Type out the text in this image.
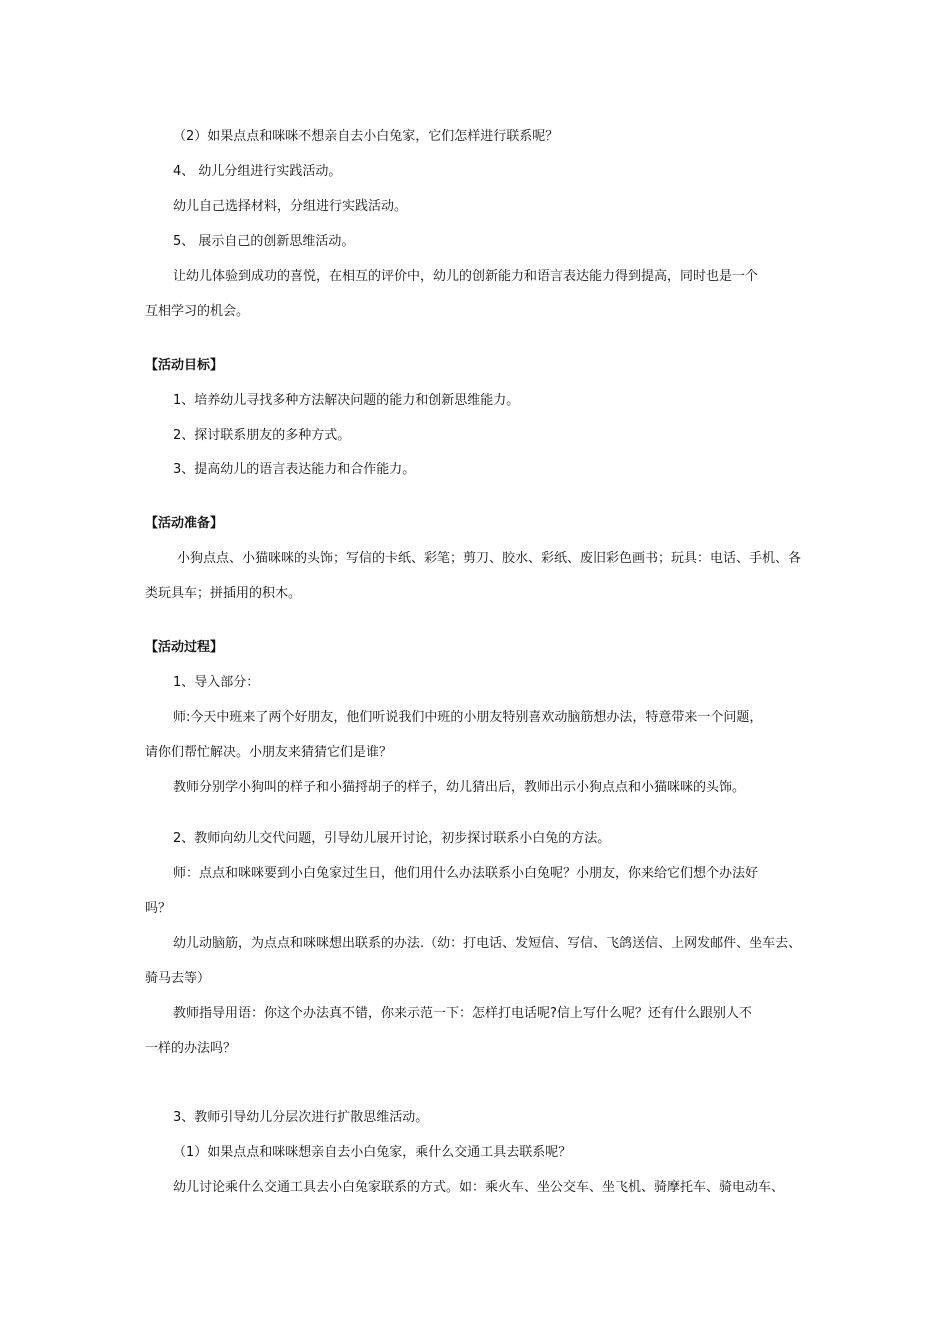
（2）如果点点和咪咪不想亲自去小白兔家，它们怎样进行联系呢？
4、 幼儿分组进行实践活动。
幼儿自己选择材料，分组进行实践活动。
5、 展示自己的创新思维活动。
让幼儿体验到成功的喜悦，在相互的评价中，幼儿的创新能力和语言表达能力得到提高，同时也是一个
互相学习的机会。
【活动目标】
1、培养幼儿寻找多种方法解决问题的能力和创新思维能力。
2、探讨联系朋友的多种方式。
3、提高幼儿的语言表达能力和合作能力。
【活动准备】
小狗点点、小猫咪咪的头饰；写信的卡纸、彩笔；剪刀、胶水、彩纸、废旧彩色画书；玩具：电话、手机、各
类玩具车；拼插用的积木。
【活动过程】
1、导入部分：
师:今天中班来了两个好朋友，他们听说我们中班的小朋友特别喜欢动脑筋想办法，特意带来一个问题，
请你们帮忙解决。小朋友来猜猜它们是谁？
教师分别学小狗叫的样子和小猫捋胡子的样子，幼儿猜出后，教师出示小狗点点和小猫咪咪的头饰。
2、教师向幼儿交代问题，引导幼儿展开讨论，初步探讨联系小白兔的方法。
师：点点和咪咪要到小白兔家过生日，他们用什么办法联系小白兔呢？小朋友，你来给它们想个办法好
吗？
幼儿动脑筋，为点点和咪咪想出联系的办法.（幼：打电话、发短信、写信、飞鸽送信、上网发邮件、坐车去、
骑马去等）
教师指导用语：你这个办法真不错，你来示范一下：怎样打电话呢?信上写什么呢？还有什么跟别人不
一样的办法吗？
3、教师引导幼儿分层次进行扩散思维活动。
（1）如果点点和咪咪想亲自去小白兔家，乘什么交通工具去联系呢？
幼儿讨论乘什么交通工具去小白兔家联系的方式。如：乘火车、坐公交车、坐飞机、骑摩托车、骑电动车、
